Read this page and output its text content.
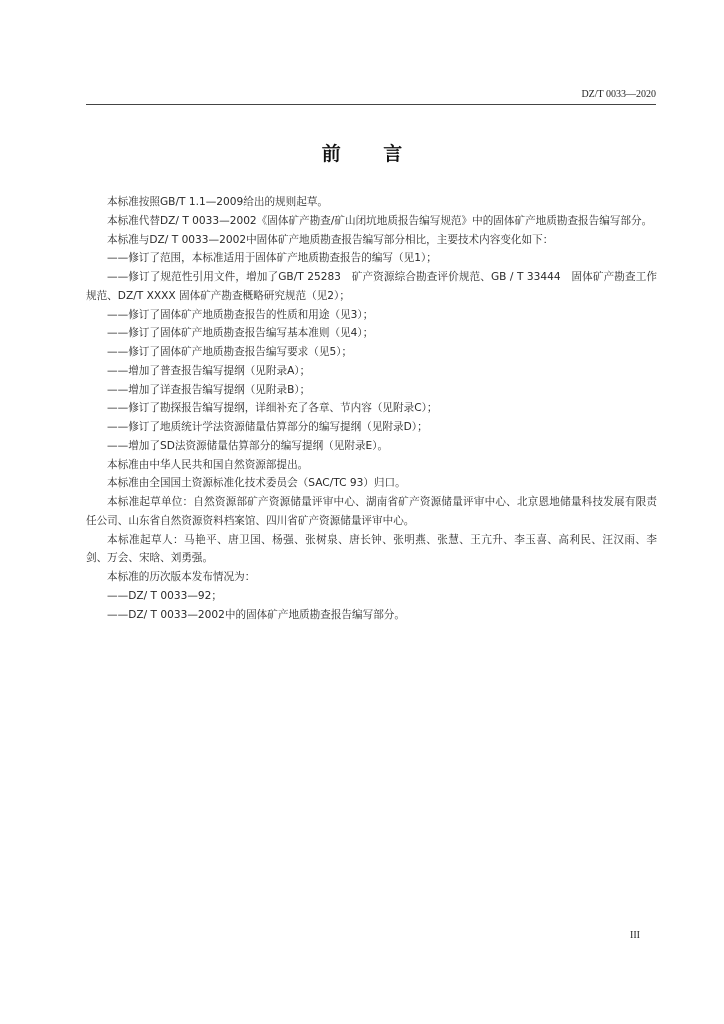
DZ/T 0033—2020
前 言

本标准按照GB/T 1.1—2009给出的规则起草。

本标准代替DZ/ T 0033—2002《固体矿产勘查/矿山闭坑地质报告编写规范》中的固体矿产地质勘查报告编写部分。

本标准与DZ/ T 0033—2002中固体矿产地质勘查报告编写部分相比，主要技术内容变化如下：

——修订了范围，本标准适用于固体矿产地质勘查报告的编写（见1）；

——修订了规范性引用文件，增加了GB/T 25283　矿产资源综合勘查评价规范、GB / T 33444　固体矿产勘查工作规范、DZ/T XXXX 固体矿产勘查概略研究规范（见2）；

——修订了固体矿产地质勘查报告的性质和用途（见3）；

——修订了固体矿产地质勘查报告编写基本准则（见4）；

——修订了固体矿产地质勘查报告编写要求（见5）；

——增加了普查报告编写提纲（见附录A）；

——增加了详查报告编写提纲（见附录B）；

——修订了勘探报告编写提纲，详细补充了各章、节内容（见附录C）；

——修订了地质统计学法资源储量估算部分的编写提纲（见附录D）；

——增加了SD法资源储量估算部分的编写提纲（见附录E）。

本标准由中华人民共和国自然资源部提出。

本标准由全国国土资源标准化技术委员会（SAC/TC 93）归口。

本标准起草单位：自然资源部矿产资源储量评审中心、湖南省矿产资源储量评审中心、北京恩地储量科技发展有限责任公司、山东省自然资源资料档案馆、四川省矿产资源储量评审中心。

本标准起草人：马艳平、唐卫国、杨强、张树泉、唐长钟、张明燕、张慧、王亢升、李玉喜、高利民、汪汉雨、李剑、万会、宋晗、刘勇强。

本标准的历次版本发布情况为：

——DZ/ T 0033—92；

——DZ/ T 0033—2002中的固体矿产地质勘查报告编写部分。

III
